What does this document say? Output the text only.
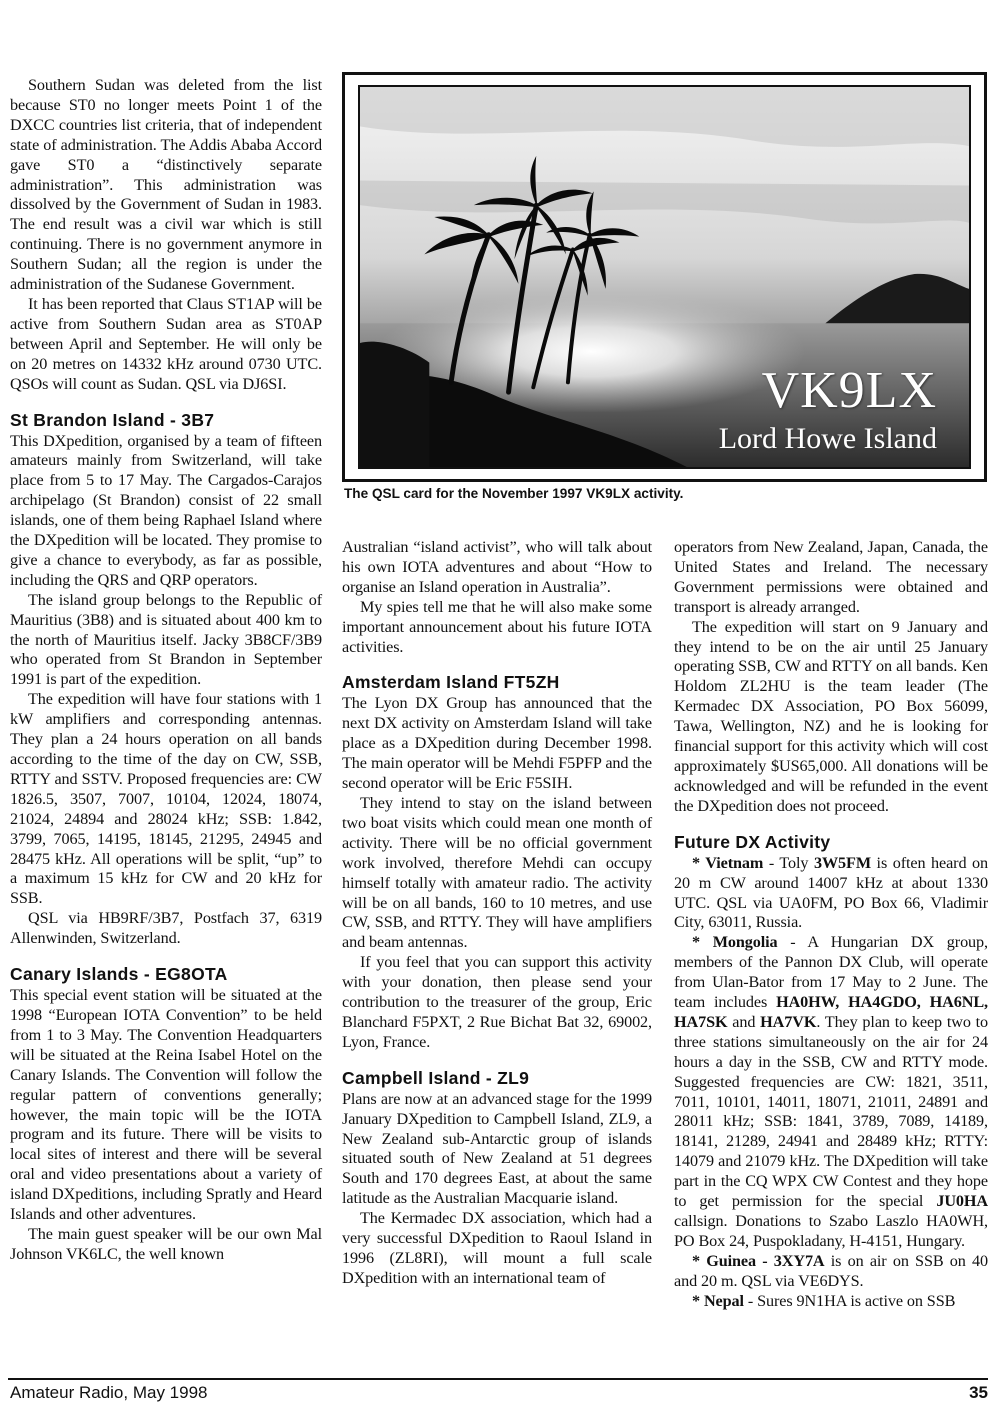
Southern Sudan was deleted from the list because ST0 no longer meets Point 1 of the DXCC countries list criteria, that of independent state of administration. The Addis Ababa Accord gave ST0 a “distinctively separate administration”. This administration was dissolved by the Government of Sudan in 1983. The end result was a civil war which is still continuing. There is no government anymore in Southern Sudan; all the region is under the administration of the Sudanese Government.

It has been reported that Claus ST1AP will be active from Southern Sudan area as ST0AP between April and September. He will only be on 20 metres on 14332 kHz around 0730 UTC. QSOs will count as Sudan. QSL via DJ6SI.

St Brandon Island - 3B7

This DXpedition, organised by a team of fifteen amateurs mainly from Switzerland, will take place from 5 to 17 May. The Cargados-Carajos archipelago (St Brandon) consist of 22 small islands, one of them being Raphael Island where the DXpedition will be located. They promise to give a chance to everybody, as far as possible, including the QRS and QRP operators.

The island group belongs to the Republic of Mauritius (3B8) and is situated about 400 km to the north of Mauritius itself. Jacky 3B8CF/3B9 who operated from St Brandon in September 1991 is part of the expedition.

The expedition will have four stations with 1 kW amplifiers and corresponding antennas. They plan a 24 hours operation on all bands according to the time of the day on CW, SSB, RTTY and SSTV. Proposed frequencies are: CW 1826.5, 3507, 7007, 10104, 12024, 18074, 21024, 24894 and 28024 kHz; SSB: 1.842, 3799, 7065, 14195, 18145, 21295, 24945 and 28475 kHz. All operations will be split, “up” to a maximum 15 kHz for CW and 20 kHz for SSB.

QSL via HB9RF/3B7, Postfach 37, 6319 Allenwinden, Switzerland.

Canary Islands - EG8OTA

This special event station will be situated at the 1998 “European IOTA Convention” to be held from 1 to 3 May. The Convention Headquarters will be situated at the Reina Isabel Hotel on the Canary Islands. The Convention will follow the regular pattern of conventions generally; however, the main topic will be the IOTA program and its future. There will be visits to local sites of interest and there will be several oral and video presentations about a variety of island DXpeditions, including Spratly and Heard Islands and other adventures.

The main guest speaker will be our own Mal Johnson VK6LC, the well known

VK9LX
Lord Howe Island
The QSL card for the November 1997 VK9LX activity.

Australian “island activist”, who will talk about his own IOTA adventures and about “How to organise an Island operation in Australia”.

My spies tell me that he will also make some important announcement about his future IOTA activities.

Amsterdam Island FT5ZH

The Lyon DX Group has announced that the next DX activity on Amsterdam Island will take place as a DXpedition during December 1998. The main operator will be Mehdi F5PFP and the second operator will be Eric F5SIH.

They intend to stay on the island between two boat visits which could mean one month of activity. There will be no official government work involved, therefore Mehdi can occupy himself totally with amateur radio. The activity will be on all bands, 160 to 10 metres, and use CW, SSB, and RTTY. They will have amplifiers and beam antennas.

If you feel that you can support this activity with your donation, then please send your contribution to the treasurer of the group, Eric Blanchard F5PXT, 2 Rue Bichat Bat 32, 69002, Lyon, France.

Campbell Island - ZL9

Plans are now at an advanced stage for the 1999 January DXpedition to Campbell Island, ZL9, a New Zealand sub-Antarctic group of islands situated south of New Zealand at 51 degrees South and 170 degrees East, at about the same latitude as the Australian Macquarie island.

The Kermadec DX association, which had a very successful DXpedition to Raoul Island in 1996 (ZL8RI), will mount a full scale DXpedition with an international team of

operators from New Zealand, Japan, Canada, the United States and Ireland. The necessary Government permissions were obtained and transport is already arranged.

The expedition will start on 9 January and they intend to be on the air until 25 January operating SSB, CW and RTTY on all bands. Ken Holdom ZL2HU is the team leader (The Kermadec DX Association, PO Box 56099, Tawa, Wellington, NZ) and he is looking for financial support for this activity which will cost approximately $US65,000. All donations will be acknowledged and will be refunded in the event the DXpedition does not proceed.

Future DX Activity

* Vietnam - Toly 3W5FM is often heard on 20 m CW around 14007 kHz at about 1330 UTC. QSL via UA0FM, PO Box 66, Vladimir City, 63011, Russia.

* Mongolia - A Hungarian DX group, members of the Pannon DX Club, will operate from Ulan-Bator from 17 May to 2 June. The team includes HA0HW, HA4GDO, HA6NL, HA7SK and HA7VK. They plan to keep two to three stations simultaneously on the air for 24 hours a day in the SSB, CW and RTTY mode. Suggested frequencies are CW: 1821, 3511, 7011, 10101, 14011, 18071, 21011, 24891 and 28011 kHz; SSB: 1841, 3789, 7089, 14189, 18141, 21289, 24941 and 28489 kHz; RTTY: 14079 and 21079 kHz. The DXpedition will take part in the CQ WPX CW Contest and they hope to get permission for the special JU0HA callsign. Donations to Szabo Laszlo HA0WH, PO Box 24, Puspokladany, H-4151, Hungary.

* Guinea - 3XY7A is on air on SSB on 40 and 20 m. QSL via VE6DYS.

* Nepal - Sures 9N1HA is active on SSB

Amateur Radio, May 1998	35
